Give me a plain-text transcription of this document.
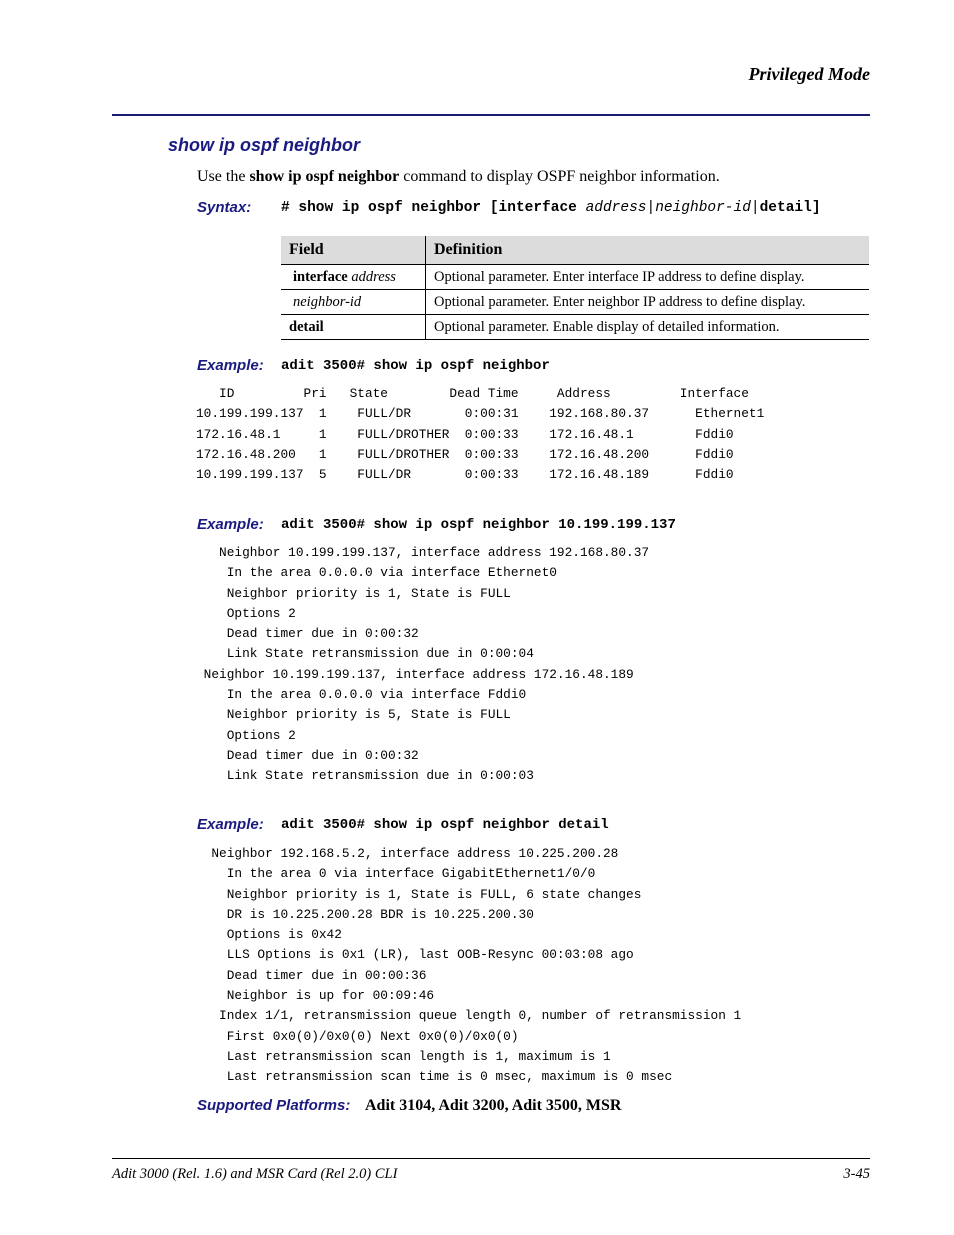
Privileged Mode
show ip ospf neighbor
Use the show ip ospf neighbor command to display OSPF neighbor information.
Syntax: # show ip ospf neighbor [interface address|neighbor-id|detail]
Field	Definition
interface address	Optional parameter. Enter interface IP address to define display.
neighbor-id	Optional parameter. Enter neighbor IP address to define display.
detail	Optional parameter. Enable display of detailed information.
Example: adit 3500# show ip ospf neighbor
ID         Pri   State        Dead Time     Address         Interface
10.199.199.137  1    FULL/DR       0:00:31    192.168.80.37      Ethernet1
172.16.48.1     1    FULL/DROTHER  0:00:33    172.16.48.1        Fddi0
172.16.48.200   1    FULL/DROTHER  0:00:33    172.16.48.200      Fddi0
10.199.199.137  5    FULL/DR       0:00:33    172.16.48.189      Fddi0
Example: adit 3500# show ip ospf neighbor 10.199.199.137
Neighbor 10.199.199.137, interface address 192.168.80.37
In the area 0.0.0.0 via interface Ethernet0
Neighbor priority is 1, State is FULL
Options 2
Dead timer due in 0:00:32
Link State retransmission due in 0:00:04
Neighbor 10.199.199.137, interface address 172.16.48.189
In the area 0.0.0.0 via interface Fddi0
Neighbor priority is 5, State is FULL
Options 2
Dead timer due in 0:00:32
Link State retransmission due in 0:00:03
Example: adit 3500# show ip ospf neighbor detail
Neighbor 192.168.5.2, interface address 10.225.200.28
In the area 0 via interface GigabitEthernet1/0/0
Neighbor priority is 1, State is FULL, 6 state changes
DR is 10.225.200.28 BDR is 10.225.200.30
Options is 0x42
LLS Options is 0x1 (LR), last OOB-Resync 00:03:08 ago
Dead timer due in 00:00:36
Neighbor is up for 00:09:46
Index 1/1, retransmission queue length 0, number of retransmission 1
First 0x0(0)/0x0(0) Next 0x0(0)/0x0(0)
Last retransmission scan length is 1, maximum is 1
Last retransmission scan time is 0 msec, maximum is 0 msec
Supported Platforms: Adit 3104, Adit 3200, Adit 3500, MSR
Adit 3000 (Rel. 1.6) and MSR Card (Rel 2.0) CLI	3-45
